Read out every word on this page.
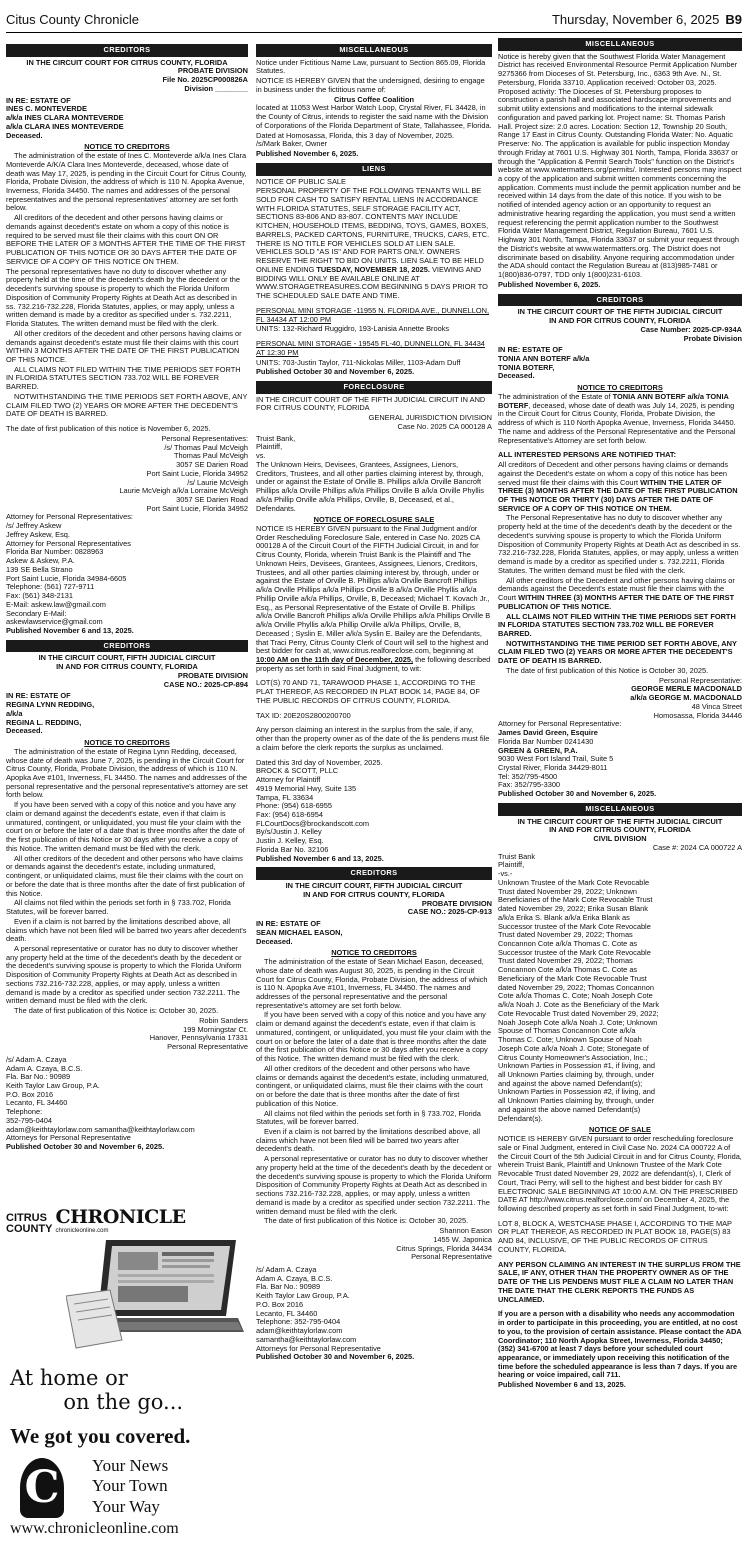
Citus County Chronicle	Thursday, November 6, 2025 B9
CREDITORS
IN THE CIRCUIT COURT FOR CITRUS COUNTY, FLORIDA
PROBATE DIVISION
File No. 2025CP000826A
Division ________
IN RE: ESTATE OF
INES C. MONTEVERDE
a/k/a INES CLARA MONTEVERDE
a/k/a CLARA INES MONTEVERDE
Deceased.
NOTICE TO CREDITORS

The administration of the estate of Ines C. Monteverde a/k/a Ines Clara Monteverde A/K/A Clara Ines Monteverde, deceased, whose date of death was May 17, 2025, is pending in the Circuit Court for Citrus County, Florida, Probate Division, the address of which is 110 N. Apopka Avenue, Inverness, Florida 34450. The names and addresses of the personal representatives and the personal representatives' attorney are set forth below.

All creditors of the decedent and other persons having claims or demands against decedent's estate on whom a copy of this notice is required to be served must file their claims with this court ON OR BEFORE THE LATER OF 3 MONTHS AFTER THE TIME OF THE FIRST PUBLICATION OF THIS NOTICE OR 30 DAYS AFTER THE DATE OF SERVICE OF A COPY OF THIS NOTICE ON THEM.

The personal representatives have no duty to discover whether any property held at the time of the decedent's death by the decedent or the decedent's surviving spouse is property to which the Florida Uniform Disposition of Community Property Rights at Death Act as described in ss. 732.216-732.228, Florida Statutes, applies, or may apply, unless a written demand is made by a creditor as specified under s. 732.2211, Florida Statutes. The written demand must be filed with the clerk.

All other creditors of the decedent and other persons having claims or demands against decedent's estate must file their claims with this court WITHIN 3 MONTHS AFTER THE DATE OF THE FIRST PUBLICATION OF THIS NOTICE.

ALL CLAIMS NOT FILED WITHIN THE TIME PERIODS SET FORTH IN FLORIDA STATUTES SECTION 733.702 WILL BE FOREVER BARRED.

NOTWITHSTANDING THE TIME PERIODS SET FORTH ABOVE, ANY CLAIM FILED TWO (2) YEARS OR MORE AFTER THE DECEDENT'S DATE OF DEATH IS BARRED.

The date of first publication of this notice is November 6, 2025.

Personal Representatives:
/s/ Thomas Paul McVeigh
Thomas Paul McVeigh
3057 SE Darien Road
Port Saint Lucie, Florida 34952
/s/ Laurie McVeigh
Laurie McVeigh a/k/a Lorraine McVeigh
3057 SE Darien Road
Port Saint Lucie, Florida 34952
Attorney for Personal Representatives:
/s/ Jeffrey Askew
Jeffrey Askew, Esq.
Attorney for Personal Representatives
Florida Bar Number: 0828963
Askew & Askew, P.A.
139 SE Bella Strano
Port Saint Lucie, Florida 34984-6605
Telephone: (561) 727-9711
Fax: (561) 348-2131
E-Mail: askew.law@gmail.com
Secondary E-Mail:
askewlawservice@gmail.com
Published November 6 and 13, 2025.
CREDITORS
IN THE CIRCUIT COURT, FIFTH JUDICIAL CIRCUIT
IN AND FOR CITRUS COUNTY, FLORIDA
PROBATE DIVISION
CASE NO.: 2025-CP-894
IN RE: ESTATE OF
REGINA LYNN REDDING,
a/k/a
REGINA L. REDDING,
Deceased.
NOTICE TO CREDITORS

The administration of the estate of Regina Lynn Redding, deceased, whose date of death was June 7, 2025, is pending in the Circuit Court for Citrus County, Florida, Probate Division, the address of which is 110 N. Apopka Ave #101, Inverness, FL 34450. The names and addresses of the personal representative and the personal representative's attorney are set forth below.

If you have been served with a copy of this notice and you have any claim or demand against the decedent's estate, even if that claim is unmatured, contingent, or unliquidated, you must file your claim with the court on or before the later of a date that is three months after the date of the first publication of this Notice or 30 days after you receive a copy of this Notice. The written demand must be filed with the clerk.

All other creditors of the decedent and other persons who have claims or demands against the decedent's estate, including unmatured, contingent, or unliquidated claims, must file their claims with the court on or before the date that is three months after the date of first publication of this Notice.

All claims not filed within the periods set forth in § 733.702, Florida Statutes, will be forever barred.

Even if a claim is not barred by the limitations described above, all claims which have not been filed will be barred two years after decedent's death.

A personal representative or curator has no duty to discover whether any property held at the time of the decedent's death by the decedent or the decedent's surviving spouse is property to which the Florida Uniform Disposition of Community Property Rights at Death Act as described in sections 732.216-732.228, applies, or may apply, unless a written demand is made by a creditor as specified under section 732.2211. The written demand must be filed with the clerk.

The date of first publication of this Notice is: October 30, 2025.

Robin Sanders
199 Morningstar Ct.
Hanover, Pennsylvania 17331
Personal Representative
/s/ Adam A. Czaya
Adam A. Czaya, B.C.S.
Fla. Bar No.: 90989
Keith Taylor Law Group, P.A.
P.O. Box 2016
Lecanto, FL 34460
Telephone:
352-795-0404
adam@keithtaylorlaw.com samantha@keithtaylorlaw.com
Attorneys for Personal Representative
Published October 30 and November 6, 2025.
CITRUS
COUNTY
CHRONICLE
chronicleonline.com
At home or
on the go...
We got you covered.
C Your News
Your Town
Your Way
www.chronicleonline.com
MISCELLANEOUS

Notice under Fictitious Name Law, pursuant to Section 865.09, Florida Statutes.

NOTICE IS HEREBY GIVEN that the undersigned, desiring to engage in business under the fictitious name of:

Citrus Coffee Coalition

located at 11053 West Harbor Watch Loop, Crystal River, FL 34428, in the County of Citrus, intends to register the said name with the Division of Corporations of the Florida Department of State, Tallahassee, Florida.

Dated at Homosassa, Florida, this 3 day of November, 2025.
/s/Mark Baker, Owner

Published November 6, 2025.
LIENS

NOTICE OF PUBLIC SALE

PERSONAL PROPERTY OF THE FOLLOWING TENANTS WILL BE SOLD FOR CASH TO SATISFY RENTAL LIENS IN ACCORDANCE WITH FLORIDA STATUTES, SELF STORAGE FACILITY ACT, SECTIONS 83-806 AND 83-807. CONTENTS MAY INCLUDE KITCHEN, HOUSEHOLD ITEMS, BEDDING, TOYS, GAMES, BOXES, BARRELS, PACKED CARTONS, FURNITURE, TRUCKS, CARS, ETC. THERE IS NO TITLE FOR VEHICLES SOLD AT LIEN SALE. VEHICLES SOLD "AS IS" AND FOR PARTS ONLY. OWNERS RESERVE THE RIGHT TO BID ON UNITS. LIEN SALE TO BE HELD ONLINE ENDING TUESDAY, NOVEMBER 18, 2025. VIEWING AND BIDDING WILL ONLY BE AVAILABLE ONLINE AT WWW.STORAGETREASURES.COM BEGINNING 5 DAYS PRIOR TO THE SCHEDULED SALE DATE AND TIME.

PERSONAL MINI STORAGE -11955 N. FLORIDA AVE., DUNNELLON, FL 34434 AT 12:00 PM

UNITS: 132-Richard Ruggidro, 193-Lanisia Annette Brooks

PERSONAL MINI STORAGE - 19545 FL-40, DUNNELLON, FL 34434 AT 12:30 PM

UNITS: 703-Justin Taylor, 711-Nickolas Miller, 1103-Adam Duff

Published October 30 and November 6, 2025.
FORECLOSURE

IN THE CIRCUIT COURT OF THE FIFTH JUDICIAL CIRCUIT IN AND FOR CITRUS COUNTY, FLORIDA

GENERAL JURISDICTION DIVISION
Case No. 2025 CA 000128 A
Truist Bank,
Plaintiff,
vs.

The Unknown Heirs, Devisees, Grantees, Assignees, Lienors, Creditors, Trustees, and all other parties claiming interest by, through, under or against the Estate of Orville B. Phillips a/k/a Orville Bancroft Phillips a/k/a Orville Phillips a/k/a Phillips Orville B a/k/a Orville Phyllis a/k/a Phillip Orville a/k/a Phillips, Orville, B, Deceased, et al.,
Defendants.

NOTICE OF FORECLOSURE SALE

NOTICE IS HEREBY GIVEN pursuant to the Final Judgment and/or Order Rescheduling Foreclosure Sale, entered in Case No. 2025 CA 000128 A of the Circuit Court of the FIFTH Judicial Circuit, in and for Citrus County, Florida, wherein Truist Bank is the Plaintiff and The Unknown Heirs, Devisees, Grantees, Assignees, Lienors, Creditors, Trustees, and all other parties claiming interest by, through, under or against the Estate of Orville B. Phillips a/k/a Orville Bancroft Phillips a/k/a Orville Phillips a/k/a Phillips Orville B a/k/a Orville Phyllis a/k/a Phillip Orville a/k/a Phillips, Orville, B, Deceased; Michael T. Kovach Jr., Esq., as Personal Representative of the Estate of Orville B. Phillips a/k/a Orville Bancroft Phillips a/k/a Orville Phillips a/k/a Phillips Orville B a/k/a Orville Phyllis a/k/a Phillip Orville a/k/a Phillips, Orville, B, Deceased ; Syslin E. Miller a/k/a Syslin E. Bailey are the Defendants, that Traci Perry, Citrus County Clerk of Court will sell to the highest and best bidder for cash at, www.citrus.realforeclose.com, beginning at 10:00 AM on the 11th day of December, 2025, the following described property as set forth in said Final Judgment, to wit:

LOT(S) 70 AND 71, TARAWOOD PHASE 1, ACCORDING TO THE PLAT THEREOF, AS RECORDED IN PLAT BOOK 14, PAGE 84, OF THE PUBLIC RECORDS OF CITRUS COUNTY, FLORIDA.

TAX ID: 20E20S2800200700

Any person claiming an interest in the surplus from the sale, if any, other than the property owner as of the date of the lis pendens must file a claim before the clerk reports the surplus as unclaimed.

Dated this 3rd day of November, 2025.
BROCK & SCOTT, PLLC
Attorney for Plaintiff
4919 Memorial Hwy, Suite 135
Tampa, FL 33634
Phone: (954) 618-6955
Fax: (954) 618-6954
FLCourtDocs@brockandscott.com
By/s/Justin J. Kelley
Justin J. Kelley, Esq.
Florida Bar No. 32106
Published November 6 and 13, 2025.
CREDITORS
IN THE CIRCUIT COURT, FIFTH JUDICIAL CIRCUIT
IN AND FOR CITRUS COUNTY, FLORIDA
PROBATE DIVISION
CASE NO.: 2025-CP-913
IN RE: ESTATE OF
SEAN MICHAEL EASON,
Deceased.
NOTICE TO CREDITORS

The administration of the estate of Sean Michael Eason, deceased, whose date of death was August 30, 2025, is pending in the Circuit Court for Citrus County, Florida, Probate Division, the address of which is 110 N. Apopka Ave #101, Inverness, FL 34450. The names and addresses of the personal representative and the personal representative's attorney are set forth below.

If you have been served with a copy of this notice and you have any claim or demand against the decedent's estate, even if that claim is unmatured, contingent, or unliquidated, you must file your claim with the court on or before the later of a date that is three months after the date of the first publication of this Notice or 30 days after you receive a copy of this Notice. The written demand must be filed with the clerk.

All other creditors of the decedent and other persons who have claims or demands against the decedent's estate, including unmatured, contingent, or unliquidated claims, must file their claims with the court on or before the date that is three months after the date of first publication of this Notice.

All claims not filed within the periods set forth in § 733.702, Florida Statutes, will be forever barred.

Even if a claim is not barred by the limitations described above, all claims which have not been filed will be barred two years after decedent's death.

A personal representative or curator has no duty to discover whether any property held at the time of the decedent's death by the decedent or the decedent's surviving spouse is property to which the Florida Uniform Disposition of Community Property Rights at Death Act as described in sections 732.216-732.228, applies, or may apply, unless a written demand is made by a creditor as specified under section 732.2211. The written demand must be filed with the clerk.

The date of first publication of this Notice is: October 30, 2025.

Shannon Eason
1455 W. Japonica
Citrus Springs, Florida 34434
Personal Representative
/s/ Adam A. Czaya
Adam A. Czaya, B.C.S.
Fla. Bar No.: 90989
Keith Taylor Law Group, P.A.
P.O. Box 2016
Lecanto, FL 34460
Telephone: 352-795-0404
adam@keithtaylorlaw.com
samantha@keithtaylorlaw.com
Attorneys for Personal Representative
Published October 30 and November 6, 2025.
MISCELLANEOUS

Notice is hereby given that the Southwest Florida Water Management District has received Environmental Resource Permit Application Number 9275366 from Dioceses of St. Petersburg, Inc., 6363 9th Ave. N., St. Petersburg, Florida 33710. Application received: October 03, 2025. Proposed activity: The Dioceses of St. Petersburg proposes to construction a parish hall and associated hardscape improvements and submit utility extensions and modifications to the internal sidewalk configuration and paved parking lot. Project name: St. Thomas Parish Hall. Project size: 2.0 acres. Location: Section 12, Township 20 South, Range 17 East in Citrus County. Outstanding Florida Water: No. Aquatic Preserve: No. The application is available for public inspection Monday through Friday at 7601 U.S. Highway 301 North, Tampa, Florida 33637 or through the "Application & Permit Search Tools" function on the District's website at www.watermatters.org/permits/. Interested persons may inspect a copy of the application and submit written comments concerning the application. Comments must include the permit application number and be received within 14 days from the date of this notice. If you wish to be notified of intended agency action or an opportunity to request an administrative hearing regarding the application, you must send a written request referencing the permit application number to the Southwest Florida Water Management District, Regulation Bureau, 7601 U.S. Highway 301 North, Tampa, Florida 33637 or submit your request through the District's website at www.watermatters.org. The District does not discriminate based on disability. Anyone requiring accommodation under the ADA should contact the Regulation Bureau at (813)985-7481 or 1(800)836-0797, TDD only 1(800)231-6103.

Published November 6, 2025.
CREDITORS
IN THE CIRCUIT COURT OF THE FIFTH JUDICIAL CIRCUIT
IN AND FOR CITRUS COUNTY, FLORIDA
Case Number: 2025-CP-934A
Probate Division
IN RE: ESTATE OF
TONIA ANN BOTERF a/k/a
TONIA BOTERF,
Deceased.
NOTICE TO CREDITORS

The administration of the Estate of TONIA ANN BOTERF a/k/a TONIA BOTERF, deceased, whose date of death was July 14, 2025, is pending in the Circuit Court for Citrus County, Florida, Probate Division, the address of which is 110 North Apopka Avenue, Inverness, Florida 34450. The name and address of the Personal Representative and the Personal Representative's Attorney are set forth below.

ALL INTERESTED PERSONS ARE NOTIFIED THAT:

All creditors of Decedent and other persons having claims or demands against the Decedent's estate on whom a copy of this notice has been served must file their claims with this Court WITHIN THE LATER OF THREE (3) MONTHS AFTER THE DATE OF THE FIRST PUBLICATION OF THIS NOTICE OR THIRTY (30) DAYS AFTER THE DATE OF SERVICE OF A COPY OF THIS NOTICE ON THEM.

The Personal Representative has no duty to discover whether any property held at the time of the decedent's death by the decedent or the decedent's surviving spouse is property to which the Florida Uniform Disposition of Community Property Rights at Death Act as described in ss. 732.216-732.228, Florida Statutes, applies, or may apply, unless a written demand is made by a creditor as specified under s. 732.2211, Florida Statutes. The written demand must be filed with the clerk.

All other creditors of the Decedent and other persons having claims or demands against the Decedent's estate must file their claims with the Court WITHIN THREE (3) MONTHS AFTER THE DATE OF THE FIRST PUBLICATION OF THIS NOTICE.

ALL CLAIMS NOT FILED WITHIN THE TIME PERIODS SET FORTH IN FLORIDA STATUTES SECTION 733.702 WILL BE FOREVER BARRED.

NOTWITHSTANDING THE TIME PERIOD SET FORTH ABOVE, ANY CLAIM FILED TWO (2) YEARS OR MORE AFTER THE DECEDENT'S DATE OF DEATH IS BARRED.

The date of first publication of this Notice is October 30, 2025.

Personal Representative:
GEORGE MERLE MACDONALD
a/k/a GEORGE M. MACDONALD
48 Vinca Street
Homosassa, Florida 34446
Attorney for Personal Representative:
James David Green, Esquire
Florida Bar Number 0241430
GREEN & GREEN, P.A.
9030 West Fort Island Trail, Suite 5
Crystal River, Florida 34429-8011
Tel: 352/795-4500
Fax: 352/795-3300
Published October 30 and November 6, 2025.
MISCELLANEOUS
IN THE CIRCUIT COURT OF THE FIFTH JUDICIAL CIRCUIT
IN AND FOR CITRUS COUNTY, FLORIDA
CIVIL DIVISION
Case #: 2024 CA 000722 A
Truist Bank
Plaintiff,
-vs.-

Unknown Trustee of the Mark Cote Revocable Trust dated November 29, 2022; Unknown Beneficiaries of the Mark Cote Revocable Trust dated November 29, 2022; Erika Susan Blank a/k/a Erika S. Blank a/k/a Erika Blank as Successor trustee of the Mark Cote Revocable Trust dated November 29, 2022; Thomas Concannon Cote a/k/a Thomas C. Cote as Successor trustee of the Mark Cote Revocable Trust dated November 29, 2022; Thomas Concannon Cote a/k/a Thomas C. Cote as Beneficiary of the Mark Cote Revocable Trust dated November 29, 2022; Thomas Concannon Cote a/k/a Thomas C. Cote; Noah Joseph Cote a/k/a Noah J. Cote as the Beneficiary of the Mark Cote Revocable Trust dated November 29, 2022; Noah Joseph Cote a/k/a Noah J. Cote; Unknown Spouse of Thomas Concannon Cote a/k/a Thomas C. Cote; Unknown Spouse of Noah Joseph Cote a/k/a Noah J. Cote; Stonegate of Citrus County Homeowner's Association, Inc.; Unknown Parties in Possession #1, if living, and all Unknown Parties claiming by, through, under and against the above named Defendant(s); Unknown Parties in Possession #2, if living, and all Unknown Parties claiming by, through, under and against the above named Defendant(s)
Defendant(s).

NOTICE OF SALE

NOTICE IS HEREBY GIVEN pursuant to order rescheduling foreclosure sale or Final Judgment, entered in Civil Case No. 2024 CA 000722 A of the Circuit Court of the 5th Judicial Circuit in and for Citrus County, Florida, wherein Truist Bank, Plaintiff and Unknown Trustee of the Mark Cote Revocable Trust dated November 29, 2022 are defendant(s), I, Clerk of Court, Traci Perry, will sell to the highest and best bidder for cash BY ELECTRONIC SALE BEGINNING AT 10:00 A.M. ON THE PRESCRIBED DATE AT http://www.citrus.realforclose.com/ on December 4, 2025, the following described property as set forth in said Final Judgment, to-wit:

LOT 8, BLOCK A, WESTCHASE PHASE I, ACCORDING TO THE MAP OR PLAT THEREOF, AS RECORDED IN PLAT BOOK 18, PAGE(S) 83 AND 84, INCLUSIVE, OF THE PUBLIC RECORDS OF CITRUS COUNTY, FLORIDA.

ANY PERSON CLAIMING AN INTEREST IN THE SURPLUS FROM THE SALE, IF ANY, OTHER THAN THE PROPERTY OWNER AS OF THE DATE OF THE LIS PENDENS MUST FILE A CLAIM NO LATER THAN THE DATE THAT THE CLERK REPORTS THE FUNDS AS UNCLAIMED.

If you are a person with a disability who needs any accommodation in order to participate in this proceeding, you are entitled, at no cost to you, to the provision of certain assistance. Please contact the ADA Coordinator; 110 North Apopka Street, Inverness, Florida 34450; (352) 341-6700 at least 7 days before your scheduled court appearance, or immediately upon receiving this notification of the time before the scheduled appearance is less than 7 days. If you are hearing or voice impaired, call 711.

Published November 6 and 13, 2025.
